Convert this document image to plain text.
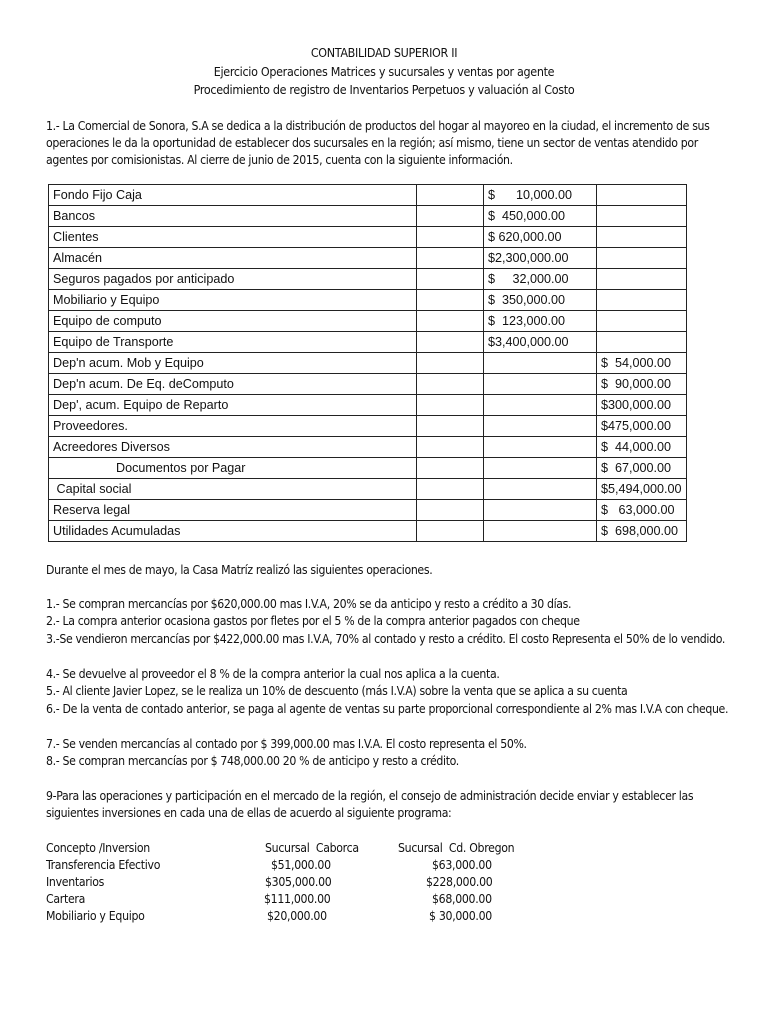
CONTABILIDAD SUPERIOR II
Ejercicio Operaciones Matrices y sucursales y ventas por agente
Procedimiento de registro de Inventarios Perpetuos y valuación al Costo
1.- La Comercial de Sonora, S.A se dedica a la distribución de productos del hogar al mayoreo en la ciudad, el incremento de sus operaciones le da la oportunidad de establecer dos sucursales en la región; así mismo, tiene un sector de ventas atendido por agentes por comisionistas. Al cierre de junio de 2015, cuenta con la siguiente información.
Fondo Fijo Caja		$      10,000.00	
Bancos		$  450,000.00	
Clientes		$ 620,000.00	
Almacén		$2,300,000.00	
Seguros pagados por anticipado		$     32,000.00	
Mobiliario y Equipo		$  350,000.00	
Equipo de computo		$  123,000.00	
Equipo de Transporte		$3,400,000.00	
Dep'n acum. Mob y Equipo			$  54,000.00
Dep'n acum. De Eq. deComputo			$  90,000.00
Dep', acum. Equipo de Reparto			$300,000.00
Proveedores.			$475,000.00
Acreedores Diversos			$  44,000.00
Documentos por Pagar			$  67,000.00
Capital social			$5,494,000.00
Reserva legal			$   63,000.00
Utilidades Acumuladas			$  698,000.00
Durante el mes de mayo, la Casa Matríz realizó las siguientes operaciones.
1.- Se compran mercancías por $620,000.00 mas I.V.A, 20% se da anticipo y resto a crédito a 30 días.
2.- La compra anterior ocasiona gastos por fletes por el 5 % de la compra anterior pagados con cheque
3.-Se vendieron mercancías por $422,000.00 mas I.V.A, 70% al contado y resto a crédito. El costo Representa el 50% de lo vendido.
4.- Se devuelve al proveedor el 8 % de la compra anterior la cual nos aplica a la cuenta.
5.- Al cliente Javier Lopez, se le realiza un 10% de descuento (más I.V.A) sobre la venta que se aplica a su cuenta
6.- De la venta de contado anterior, se paga al agente de ventas su parte proporcional correspondiente al 2% mas I.V.A con cheque.
7.- Se venden mercancías al contado por $ 399,000.00 mas I.V.A. El costo representa el 50%.
8.- Se compran mercancías por $ 748,000.00 20 % de anticipo y resto a crédito.
9-Para las operaciones y participación en el mercado de la región, el consejo de administración decide enviar y establecer las siguientes inversiones en cada una de ellas de acuerdo al siguiente programa:
Concepto /Inversion	Sucursal  Caborca	Sucursal  Cd. Obregon
Transferencia Efectivo	$51,000.00	$63,000.00
Inventarios	$305,000.00	$228,000.00
Cartera	$111,000.00	$68,000.00
Mobiliario y Equipo	$20,000.00	$ 30,000.00
